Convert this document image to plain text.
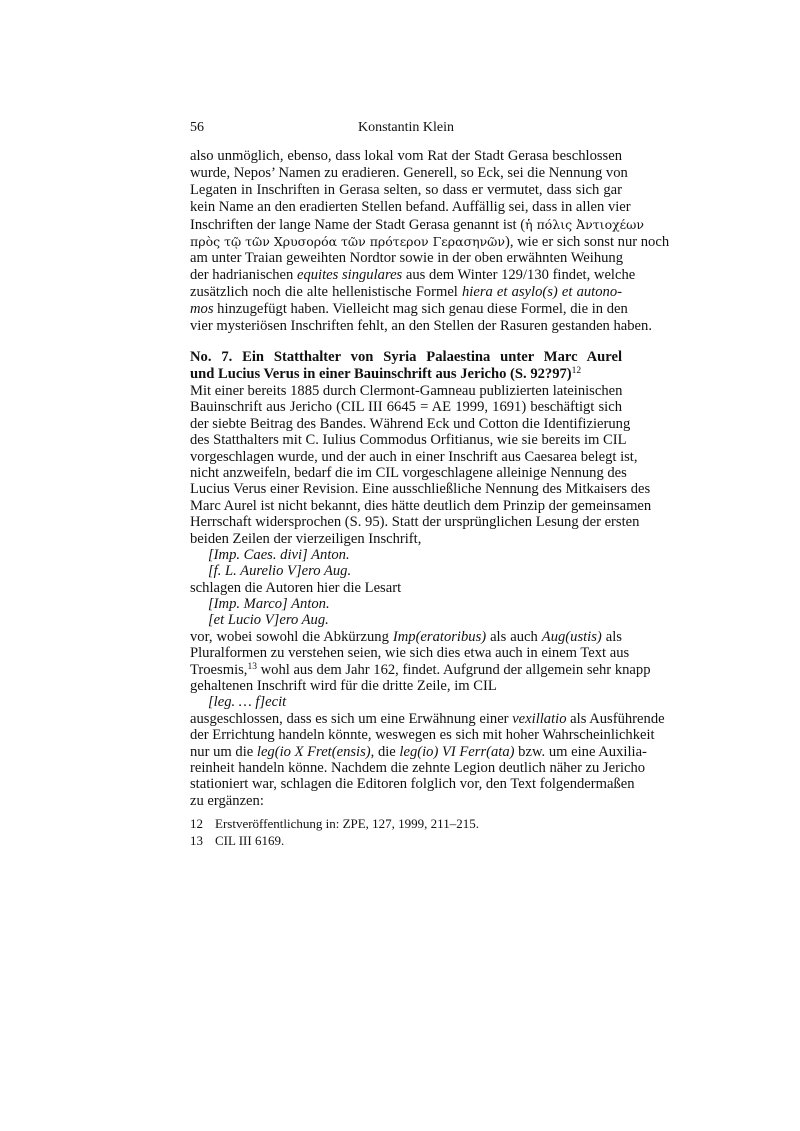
56	Konstantin Klein
also unmöglich, ebenso, dass lokal vom Rat der Stadt Gerasa beschlossen
wurde, Nepos’ Namen zu eradieren. Generell, so Eck, sei die Nennung von
Legaten in Inschriften in Gerasa selten, so dass er vermutet, dass sich gar
kein Name an den eradierten Stellen befand. Auffällig sei, dass in allen vier
Inschriften der lange Name der Stadt Gerasa genannt ist (ἡ πόλις Ἀντιοχέων
πρὸς τῷ τῶν Χρυσορόα τῶν πρότερον Γερασηνῶν), wie er sich sonst nur noch
am unter Traian geweihten Nordtor sowie in der oben erwähnten Weihung
der hadrianischen equites singulares aus dem Winter 129/130 findet, welche
zusätzlich noch die alte hellenistische Formel hiera et asylo(s) et autono-
mos hinzugefügt haben. Vielleicht mag sich genau diese Formel, die in den
vier mysteriösen Inschriften fehlt, an den Stellen der Rasuren gestanden haben.
No. 7. Ein Statthalter von Syria Palaestina unter Marc Aurel
und Lucius Verus in einer Bauinschrift aus Jericho (S. 92?97)$^{12}$
Mit einer bereits 1885 durch Clermont-Gamneau publizierten lateinischen
Bauinschrift aus Jericho (CIL III 6645 = AE 1999, 1691) beschäftigt sich
der siebte Beitrag des Bandes. Während Eck und Cotton die Identifizierung
des Statthalters mit C. Iulius Commodus Orfitianus, wie sie bereits im CIL
vorgeschlagen wurde, und der auch in einer Inschrift aus Caesarea belegt ist,
nicht anzweifeln, bedarf die im CIL vorgeschlagene alleinige Nennung des
Lucius Verus einer Revision. Eine ausschließliche Nennung des Mitkaisers des
Marc Aurel ist nicht bekannt, dies hätte deutlich dem Prinzip der gemeinsamen
Herrschaft widersprochen (S. 95). Statt der ursprünglichen Lesung der ersten
beiden Zeilen der vierzeiligen Inschrift,
[Imp. Caes. divi] Anton.
[f. L. Aurelio V]ero Aug.
schlagen die Autoren hier die Lesart
[Imp. Marco] Anton.
[et Lucio V]ero Aug.
vor, wobei sowohl die Abkürzung Imp(eratoribus) als auch Aug(ustis) als
Pluralformen zu verstehen seien, wie sich dies etwa auch in einem Text aus
Troesmis,$^{13}$ wohl aus dem Jahr 162, findet. Aufgrund der allgemein sehr knapp
gehaltenen Inschrift wird für die dritte Zeile, im CIL
[leg. … f]ecit
ausgeschlossen, dass es sich um eine Erwähnung einer vexillatio als Ausführende
der Errichtung handeln könnte, weswegen es sich mit hoher Wahrscheinlichkeit
nur um die leg(io X Fret(ensis), die leg(io) VI Ferr(ata) bzw. um eine Auxilia-
reinheit handeln könne. Nachdem die zehnte Legion deutlich näher zu Jericho
stationiert war, schlagen die Editoren folglich vor, den Text folgendermaßen
zu ergänzen:
12 Erstveröffentlichung in: ZPE, 127, 1999, 211–215.
13 CIL III 6169.
